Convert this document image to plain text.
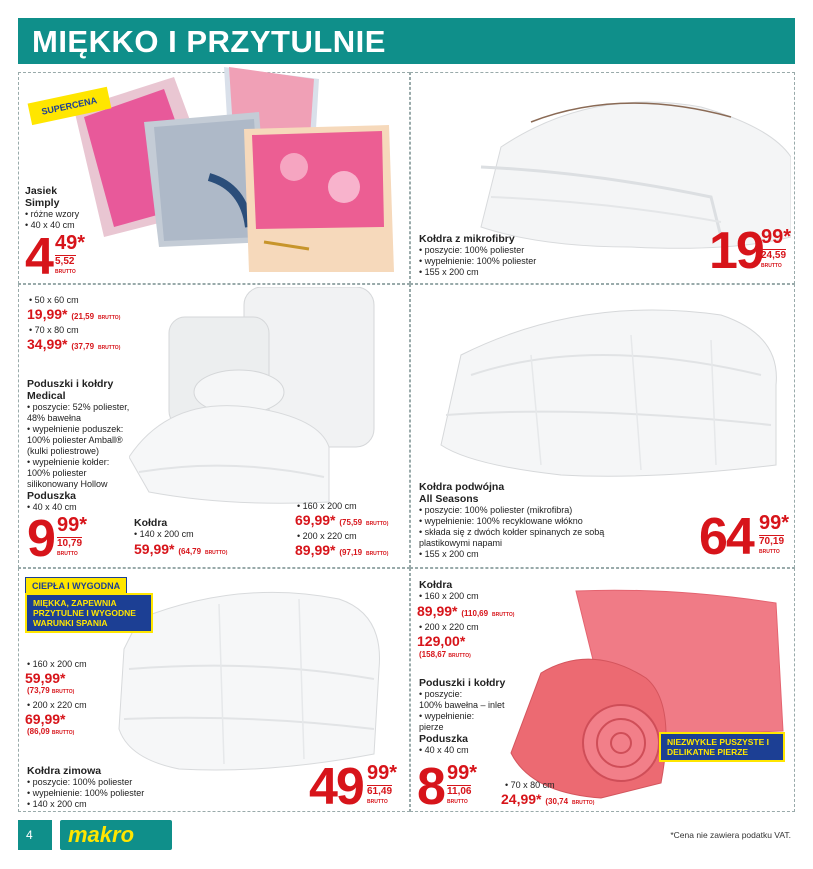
MIĘKKO I PRZYTULNIE
SUPERCENA
Jasiek
Simply
• różne wzory
• 40 x 40 cm
4 49*
5,52
BRUTTO
Kołdra z mikrofibry
• poszycie: 100% poliester
• wypełnienie: 100% poliester
• 155 x 200 cm	19
99*
24,59
BRUTTO
• 50 x 60 cm
19,99* (21,59 BRUTTO)
• 70 x 80 cm
34,99* (37,79 BRUTTO)
Poduszki i kołdry
Medical
• poszycie: 52% poliester,
48% bawełna
• wypełnienie poduszek:
100% poliester Amball®
(kulki poliestrowe)
• wypełnienie kołder:
100% poliester
silikonowany Hollow
Poduszka
• 40 x 40 cm
9 99*
10,79
BRUTTO
Kołdra
• 140 x 200 cm
59,99* (64,79 BRUTTO)
• 160 x 200 cm
69,99* (75,59 BRUTTO)
• 200 x 220 cm
89,99* (97,19 BRUTTO)
Kołdra podwójna
All Seasons
• poszycie: 100% poliester (mikrofibra)
• wypełnienie: 100% recyklowane włókno
• składa się z dwóch kołder spinanych ze sobą
plastikowymi napami
• 155 x 200 cm	64 99*
70,19
BRUTTO
CIEPŁA I WYGODNA
MIĘKKA, ZAPEWNIA PRZYTULNE I WYGODNE WARUNKI SPANIA
• 160 x 200 cm
59,99*
(73,79 BRUTTO)
• 200 x 220 cm
69,99*
(86,09 BRUTTO)
Kołdra zimowa
• poszycie: 100% poliester
• wypełnienie: 100% poliester
• 140 x 200 cm	49 99*
61,49
BRUTTO
Kołdra
• 160 x 200 cm
89,99* (110,69 BRUTTO)
• 200 x 220 cm
129,00*
(158,67 BRUTTO)
Poduszki i kołdry
• poszycie:
100% bawełna – inlet
• wypełnienie:
pierze
Poduszka
• 40 x 40 cm
8 99*
11,06
BRUTTO
• 70 x 80 cm
24,99* (30,74 BRUTTO)
NIEZWYKLE PUSZYSTE I DELIKATNE PIERZE
4	makro	*Cena nie zawiera podatku VAT.
